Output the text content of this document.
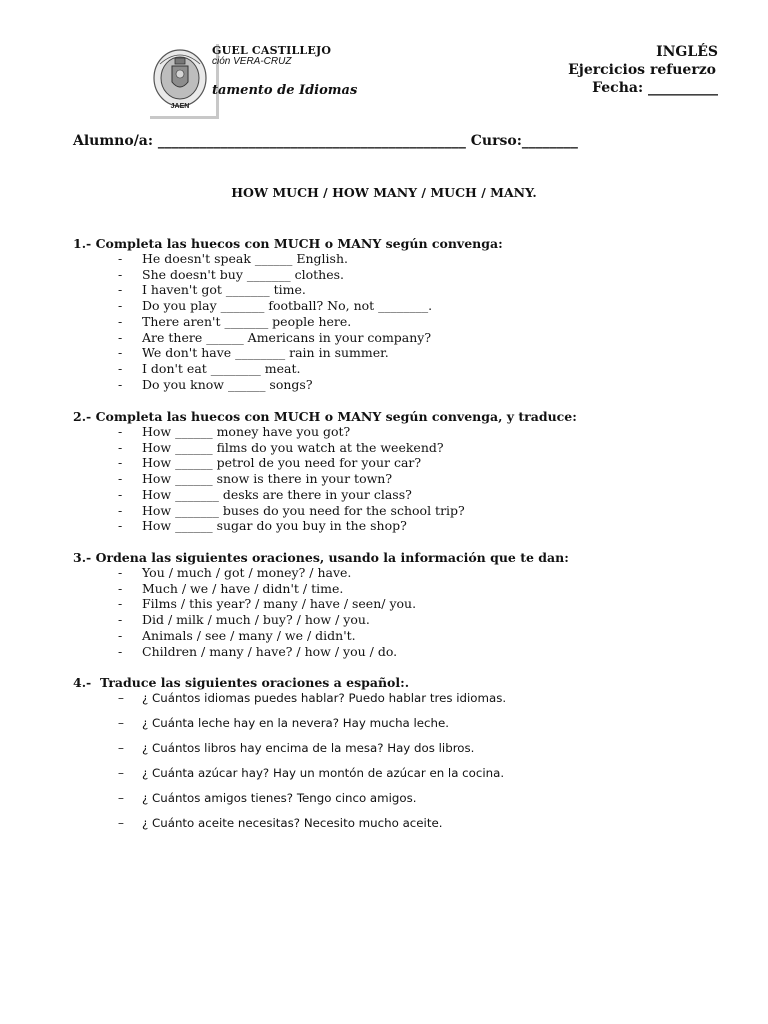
JAEN
GUEL CASTILLEJO
ción VERA-CRUZ
tamento de Idiomas
INGLÉS
Ejercicios refuerzo
Fecha: __________
Alumno/a: ____________________________________________ Curso:________
HOW MUCH / HOW MANY / MUCH / MANY.
1.- Completa las huecos con MUCH o MANY según convenga:
- He doesn't speak ______ English.
- She doesn't buy _______ clothes.
- I haven't got _______ time.
- Do you play _______ football? No, not ________.
- There aren't _______ people here.
- Are there ______ Americans in your company?
- We don't have ________ rain in summer.
- I don't eat ________ meat.
- Do you know ______ songs?
2.- Completa las huecos con MUCH o MANY según convenga, y traduce:
- How ______ money have you got?
- How ______ films do you watch at the weekend?
- How ______ petrol de you need for your car?
- How ______ snow is there in your town?
- How _______ desks are there in your class?
- How _______ buses do you need for the school trip?
- How ______ sugar do you buy in the shop?
3.- Ordena las siguientes oraciones, usando la información que te dan:
- You / much / got / money? / have.
- Much / we / have / didn't / time.
- Films / this year? / many / have / seen/ you.
- Did / milk / much / buy? / how / you.
- Animals / see / many / we / didn't.
- Children / many / have? / how / you / do.
4.-  Traduce las siguientes oraciones a español:.
– ¿ Cuántos idiomas puedes hablar? Puedo hablar tres idiomas.
– ¿ Cuánta leche hay en la nevera? Hay mucha leche.
– ¿ Cuántos libros hay encima de la mesa? Hay dos libros.
– ¿ Cuánta azúcar hay? Hay un montón de azúcar en la cocina.
– ¿ Cuántos amigos tienes? Tengo cinco amigos.
– ¿ Cuánto aceite necesitas? Necesito mucho aceite.
